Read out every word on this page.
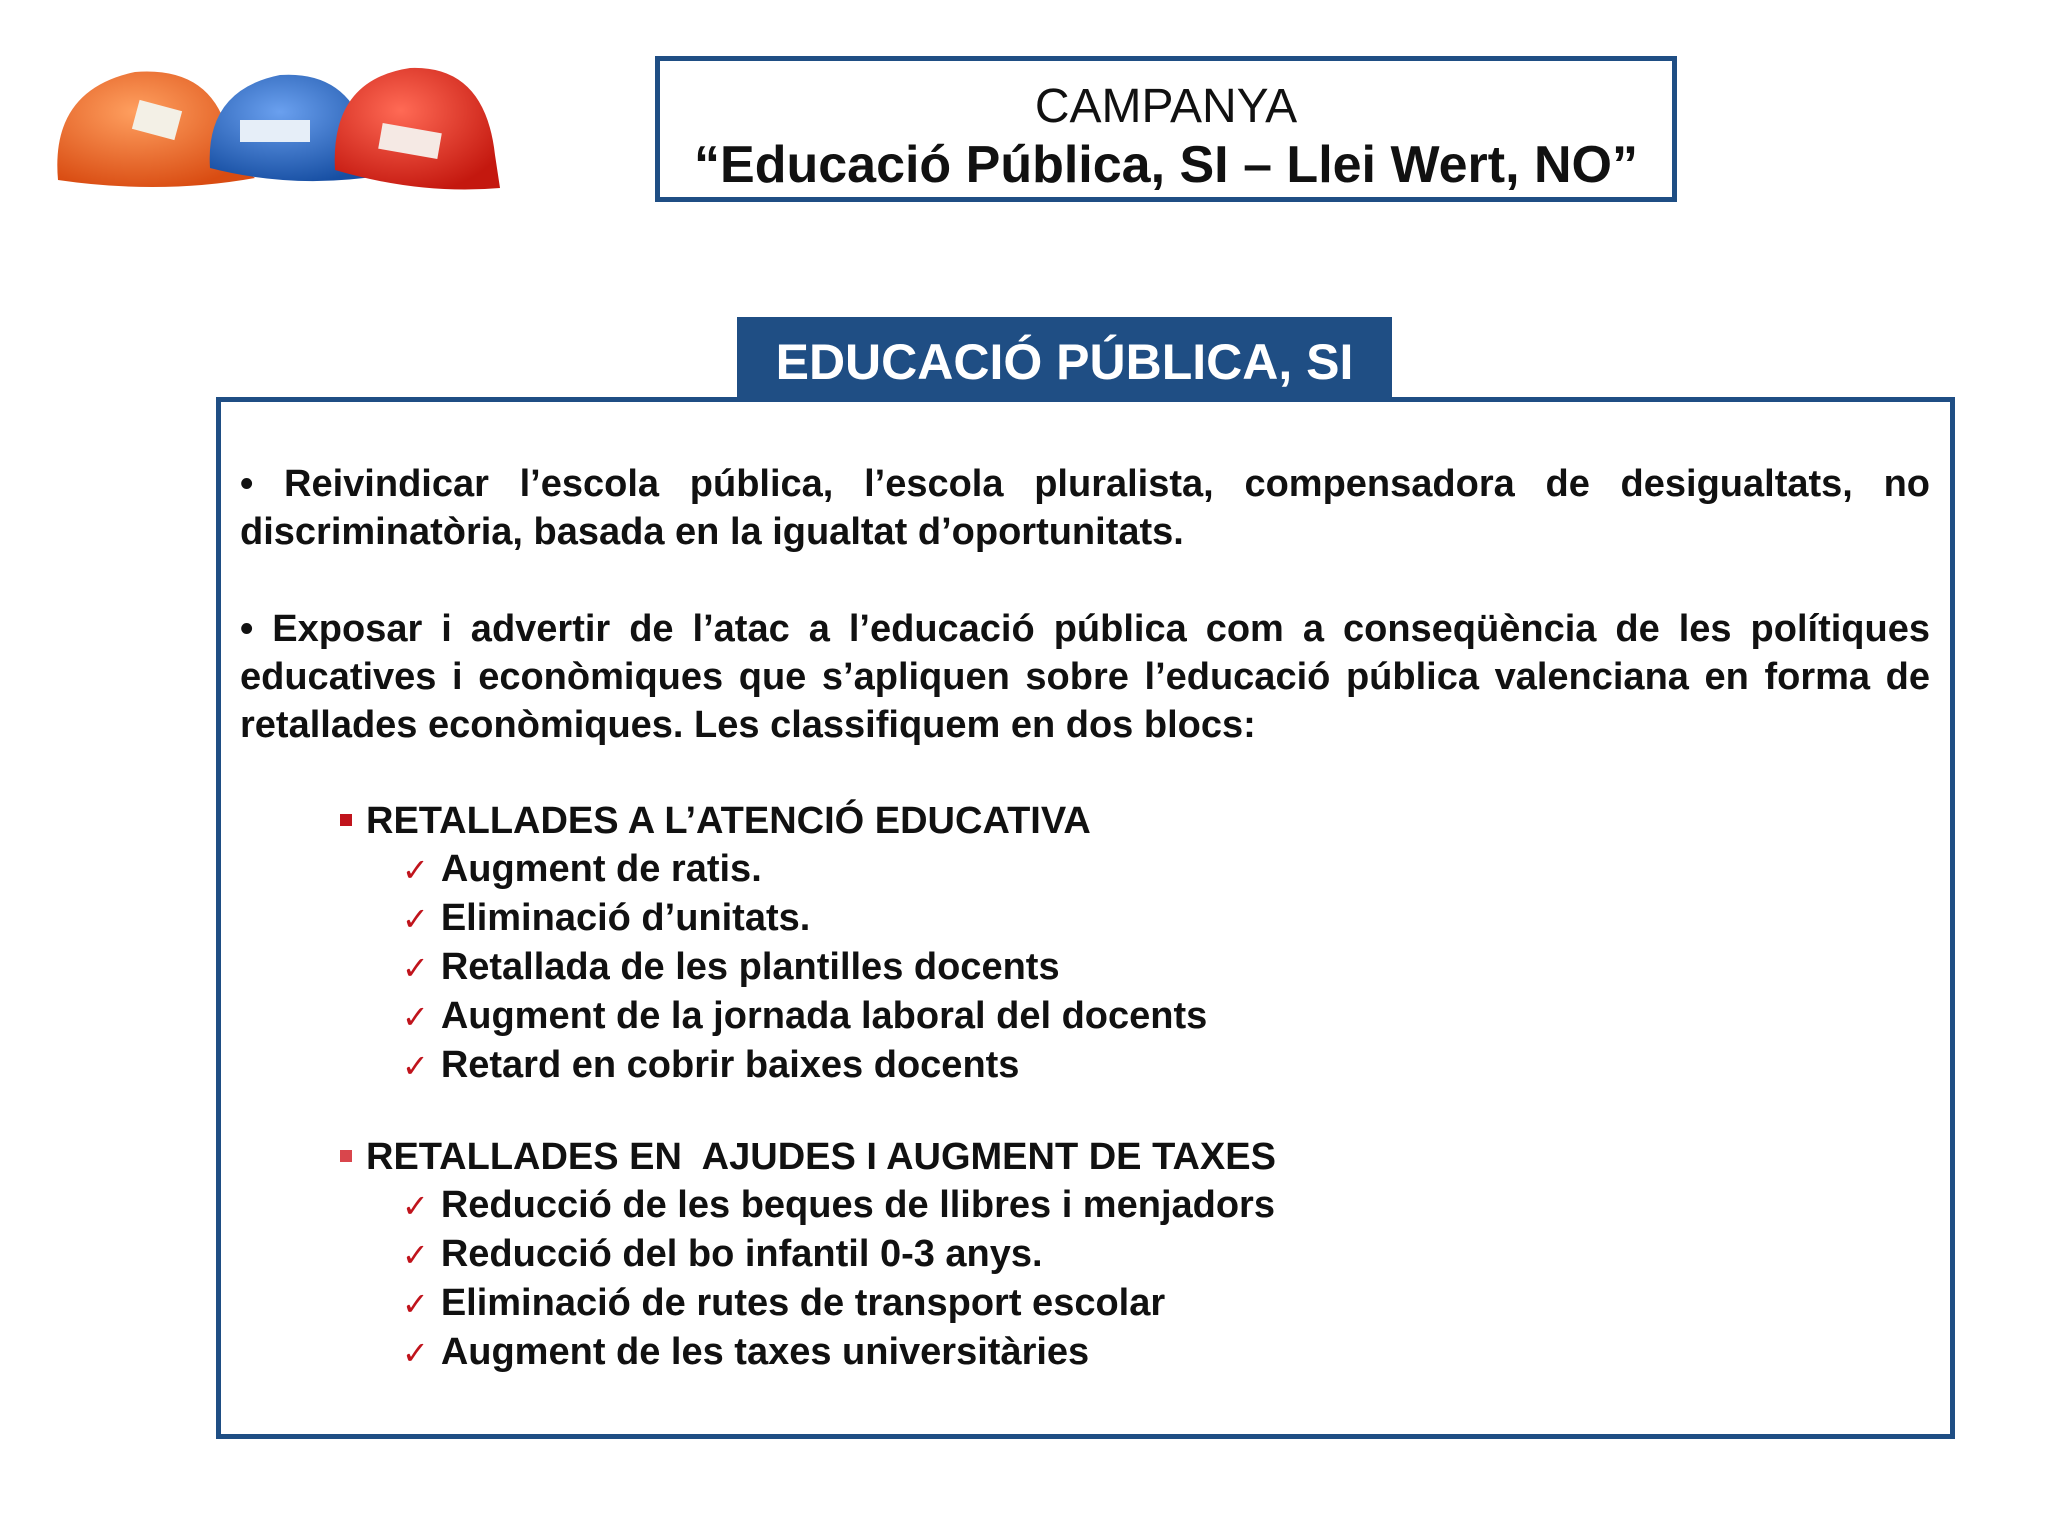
CAMPANYA
“Educació Pública, SI – Llei Wert, NO”
EDUCACIÓ PÚBLICA, SI
• Reivindicar l’escola pública, l’escola pluralista, compensadora de desigualtats, no discriminatòria, basada en la igualtat d’oportunitats.
• Exposar i advertir de l’atac a l’educació pública com a conseqüència de les polítiques educatives i econòmiques que s’apliquen sobre l’educació pública valenciana en forma de retallades econòmiques. Les classifiquem en dos blocs:
RETALLADES A L’ATENCIÓ EDUCATIVA
✓ Augment de ratis.
✓ Eliminació d’unitats.
✓ Retallada de les plantilles docents
✓ Augment de la jornada laboral del docents
✓ Retard en cobrir baixes docents
RETALLADES EN  AJUDES I AUGMENT DE TAXES
✓ Reducció de les beques de llibres i menjadors
✓ Reducció del bo infantil 0-3 anys.
✓ Eliminació de rutes de transport escolar
✓ Augment de les taxes universitàries
